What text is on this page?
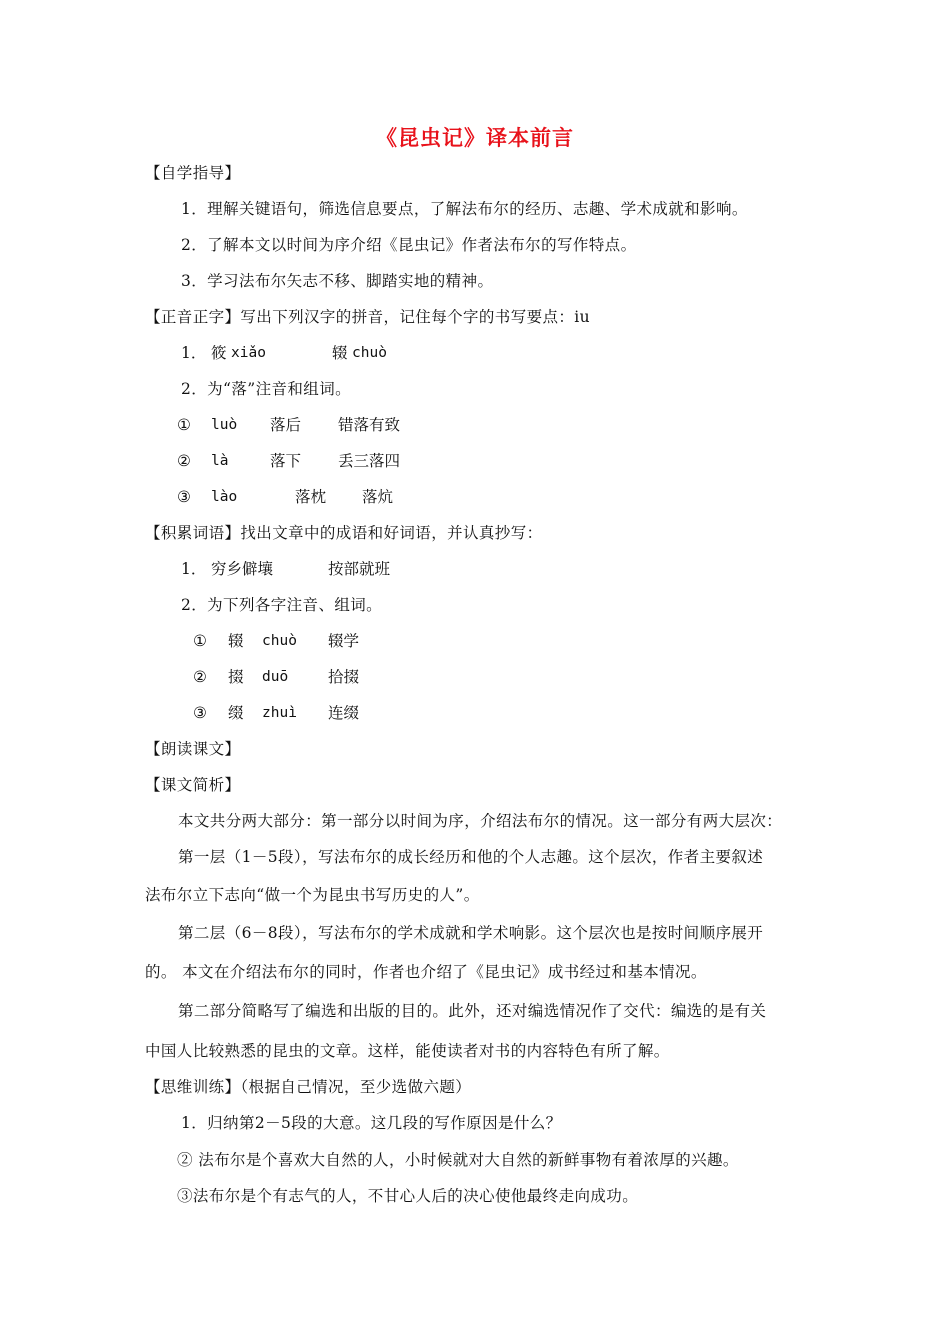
《昆虫记》译本前言
【自学指导】
1．理解关键语句，筛选信息要点，了解法布尔的经历、志趣、学术成就和影响。
2．了解本文以时间为序介绍《昆虫记》作者法布尔的写作特点。
3．学习法布尔矢志不移、脚踏实地的精神。
【正音正字】写出下列汉字的拼音，记住每个字的书写要点：iu
1． 筱 xiǎo	辍 chuò
2．为“落”注音和组词。
① luò 落后 错落有致
② là	落下 丢三落四
③ lào	落枕 落炕
【积累词语】找出文章中的成语和好词语，并认真抄写：
1． 穷乡僻壤	按部就班
2．为下列各字注音、组词。
① 辍 chuò 辍学
② 掇 duō	拾掇
③ 缀 zhuì 连缀
【朗读课文】
【课文简析】
本文共分两大部分：第一部分以时间为序，介绍法布尔的情况。这一部分有两大层次：
第一层（1－5段），写法布尔的成长经历和他的个人志趣。这个层次，作者主要叙述
法布尔立下志向“做一个为昆虫书写历史的人”。
第二层（6－8段），写法布尔的学术成就和学术响影。这个层次也是按时间顺序展开
的。 本文在介绍法布尔的同时，作者也介绍了《昆虫记》成书经过和基本情况。
第二部分简略写了编选和出版的目的。此外，还对编选情况作了交代：编选的是有关
中国人比较熟悉的昆虫的文章。这样，能使读者对书的内容特色有所了解。
【思维训练】（根据自己情况，至少选做六题）
1．归纳第2－5段的大意。这几段的写作原因是什么？
② 法布尔是个喜欢大自然的人，小时候就对大自然的新鲜事物有着浓厚的兴趣。
③法布尔是个有志气的人，不甘心人后的决心使他最终走向成功。
